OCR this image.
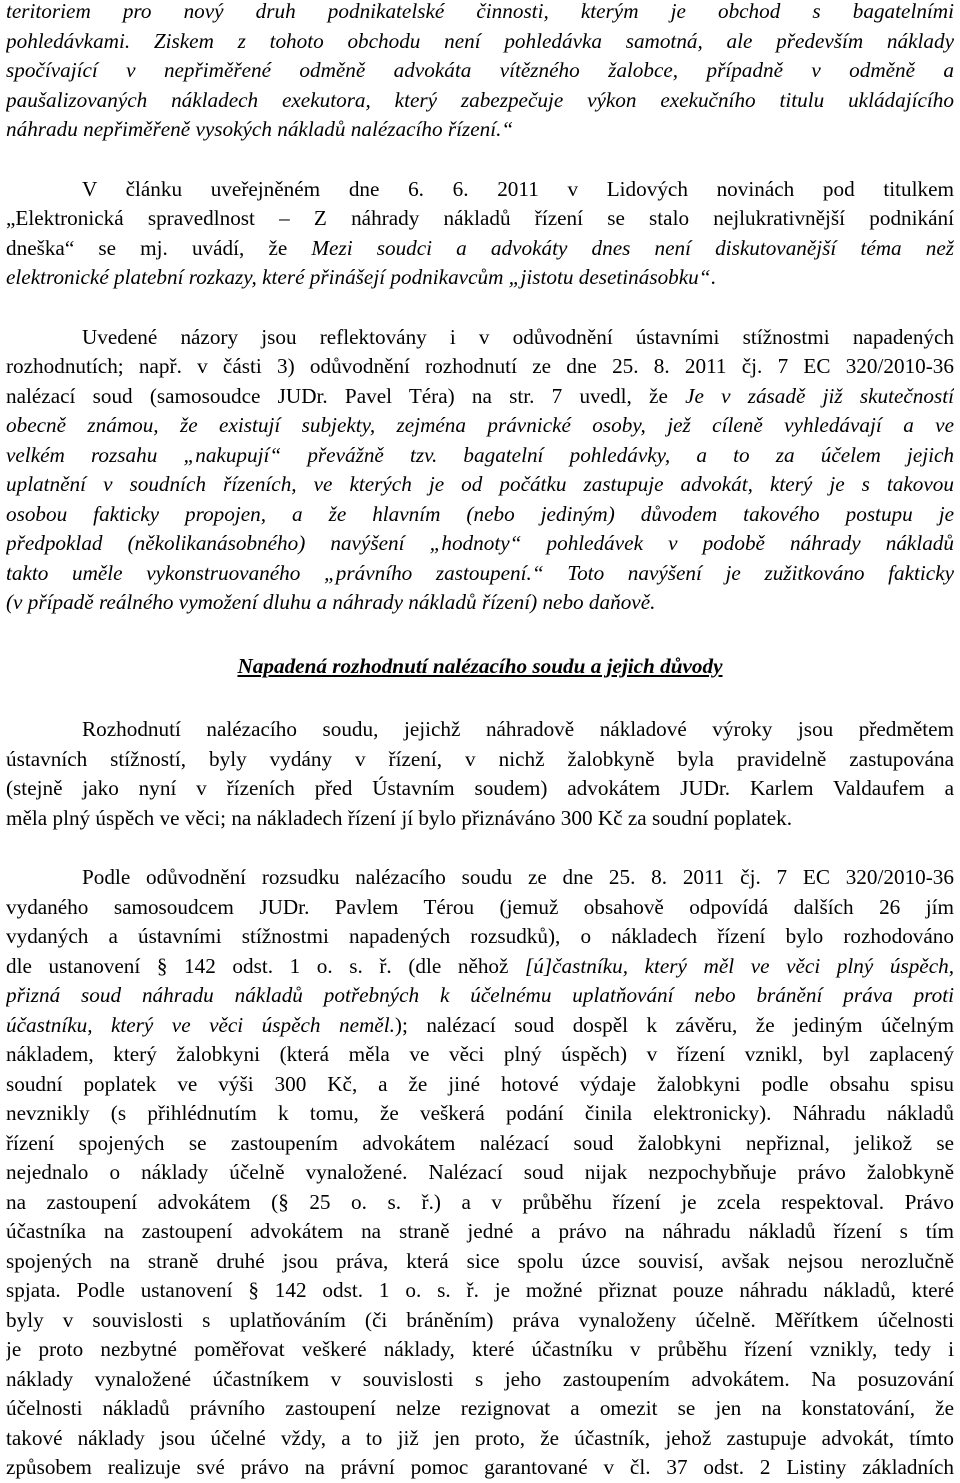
teritoriem pro nový druh podnikatelské činnosti, kterým je obchod s bagatelními
pohledávkami. Ziskem z tohoto obchodu není pohledávka samotná, ale především náklady
spočívající v nepřiměřené odměně advokáta vítězného žalobce, případně v odměně a
paušalizovaných nákladech exekutora, který zabezpečuje výkon exekučního titulu ukládajícího
náhradu nepřiměřeně vysokých nákladů nalézacího řízení.“
V článku uveřejněném dne 6. 6. 2011 v Lidových novinách pod titulkem
„Elektronická spravedlnost – Z náhrady nákladů řízení se stalo nejlukrativnější podnikání
dneška“ se mj. uvádí, že Mezi soudci a advokáty dnes není diskutovanější téma než
elektronické platební rozkazy, které přinášejí podnikavcům „jistotu desetinásobku“.
Uvedené názory jsou reflektovány i v odůvodnění ústavními stížnostmi napadených
rozhodnutích; např. v části 3) odůvodnění rozhodnutí ze dne 25. 8. 2011 čj. 7 EC 320/2010-36
nalézací soud (samosoudce JUDr. Pavel Téra) na str. 7 uvedl, že Je v zásadě již skutečností
obecně známou, že existují subjekty, zejména právnické osoby, jež cíleně vyhledávají a ve
velkém rozsahu „nakupují“ převážně tzv. bagatelní pohledávky, a to za účelem jejich
uplatnění v soudních řízeních, ve kterých je od počátku zastupuje advokát, který je s takovou
osobou fakticky propojen, a že hlavním (nebo jediným) důvodem takového postupu je
předpoklad (několikanásobného) navýšení „hodnoty“ pohledávek v podobě náhrady nákladů
takto uměle vykonstruovaného „právního zastoupení.“ Toto navýšení je zužitkováno fakticky
(v případě reálného vymožení dluhu a náhrady nákladů řízení) nebo daňově.
Napadená rozhodnutí nalézacího soudu a jejich důvody
Rozhodnutí nalézacího soudu, jejichž náhradově nákladové výroky jsou předmětem
ústavních stížností, byly vydány v řízení, v nichž žalobkyně byla pravidelně zastupována
(stejně jako nyní v řízeních před Ústavním soudem) advokátem JUDr. Karlem Valdaufem a
měla plný úspěch ve věci; na nákladech řízení jí bylo přiznáváno 300 Kč za soudní poplatek.
Podle odůvodnění rozsudku nalézacího soudu ze dne 25. 8. 2011 čj. 7 EC 320/2010-36
vydaného samosoudcem JUDr. Pavlem Térou (jemuž obsahově odpovídá dalších 26 jím
vydaných a ústavními stížnostmi napadených rozsudků), o nákladech řízení bylo rozhodováno
dle ustanovení § 142 odst. 1 o. s. ř. (dle něhož [ú]častníku, který měl ve věci plný úspěch,
přizná soud náhradu nákladů potřebných k účelnému uplatňování nebo bránění práva proti
účastníku, který ve věci úspěch neměl.); nalézací soud dospěl k závěru, že jediným účelným
nákladem, který žalobkyni (která měla ve věci plný úspěch) v řízení vznikl, byl zaplacený
soudní poplatek ve výši 300 Kč, a že jiné hotové výdaje žalobkyni podle obsahu spisu
nevznikly (s přihlédnutím k tomu, že veškerá podání činila elektronicky). Náhradu nákladů
řízení spojených se zastoupením advokátem nalézací soud žalobkyni nepřiznal, jelikož se
nejednalo o náklady účelně vynaložené. Nalézací soud nijak nezpochybňuje právo žalobkyně
na zastoupení advokátem (§ 25 o. s. ř.) a v průběhu řízení je zcela respektoval. Právo
účastníka na zastoupení advokátem na straně jedné a právo na náhradu nákladů řízení s tím
spojených na straně druhé jsou práva, která sice spolu úzce souvisí, avšak nejsou nerozlučně
spjata. Podle ustanovení § 142 odst. 1 o. s. ř. je možné přiznat pouze náhradu nákladů, které
byly v souvislosti s uplatňováním (či bráněním) práva vynaloženy účelně. Měřítkem účelnosti
je proto nezbytné poměřovat veškeré náklady, které účastníku v průběhu řízení vznikly, tedy i
náklady vynaložené účastníkem v souvislosti s jeho zastoupením advokátem. Na posuzování
účelnosti nákladů právního zastoupení nelze rezignovat a omezit se jen na konstatování, že
takové náklady jsou účelné vždy, a to již jen proto, že účastník, jehož zastupuje advokát, tímto
způsobem realizuje své právo na právní pomoc garantované v čl. 37 odst. 2 Listiny základních
